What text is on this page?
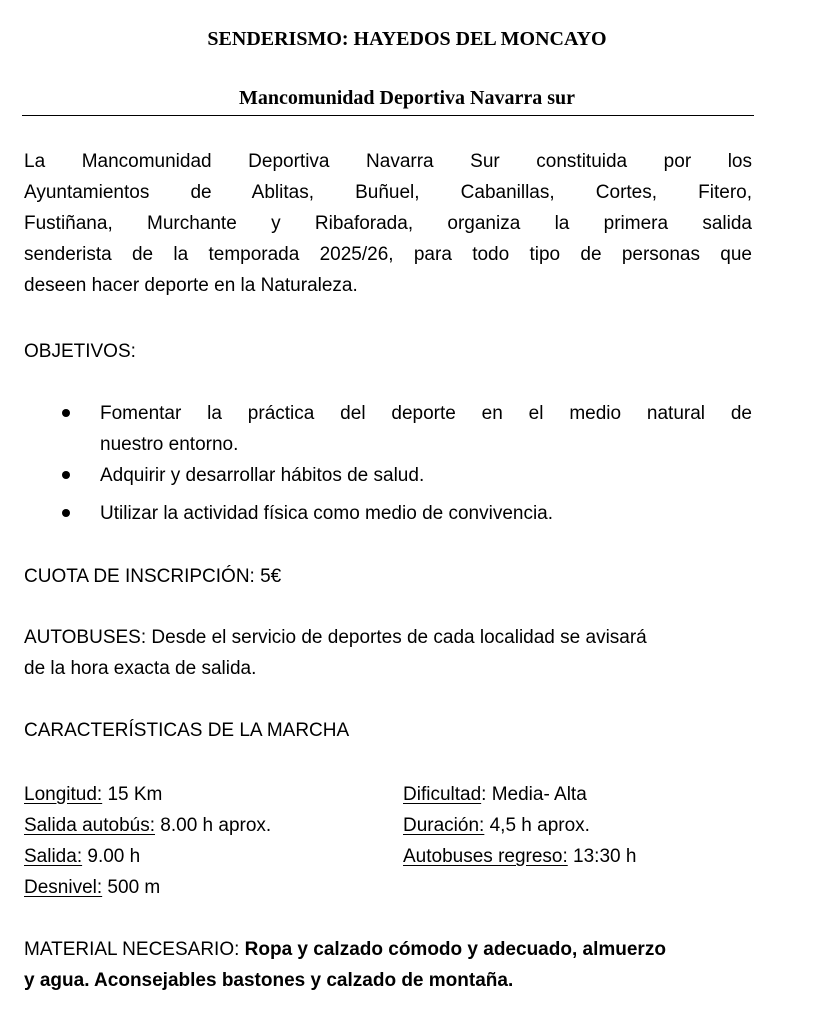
SENDERISMO: HAYEDOS DEL MONCAYO
Mancomunidad Deportiva Navarra sur
La Mancomunidad Deportiva Navarra Sur constituida por los
Ayuntamientos de Ablitas, Buñuel, Cabanillas, Cortes, Fitero,
Fustiñana, Murchante y Ribaforada, organiza la primera salida
senderista de la temporada 2025/26, para todo tipo de personas que
deseen hacer deporte en la Naturaleza.
OBJETIVOS:
Fomentar la práctica del deporte en el medio natural de
nuestro entorno.
Adquirir y desarrollar hábitos de salud.
Utilizar la actividad física como medio de convivencia.
CUOTA DE INSCRIPCIÓN: 5€
AUTOBUSES: Desde el servicio de deportes de cada localidad se avisará
de la hora exacta de salida.
CARACTERÍSTICAS DE LA MARCHA
Longitud: 15 Km
Salida autobús: 8.00 h aprox.
Salida: 9.00 h
Desnivel: 500 m
Dificultad: Media- Alta
Duración: 4,5 h aprox.
Autobuses regreso: 13:30 h
MATERIAL NECESARIO: Ropa y calzado cómodo y adecuado, almuerzo
y agua. Aconsejables bastones y calzado de montaña.
